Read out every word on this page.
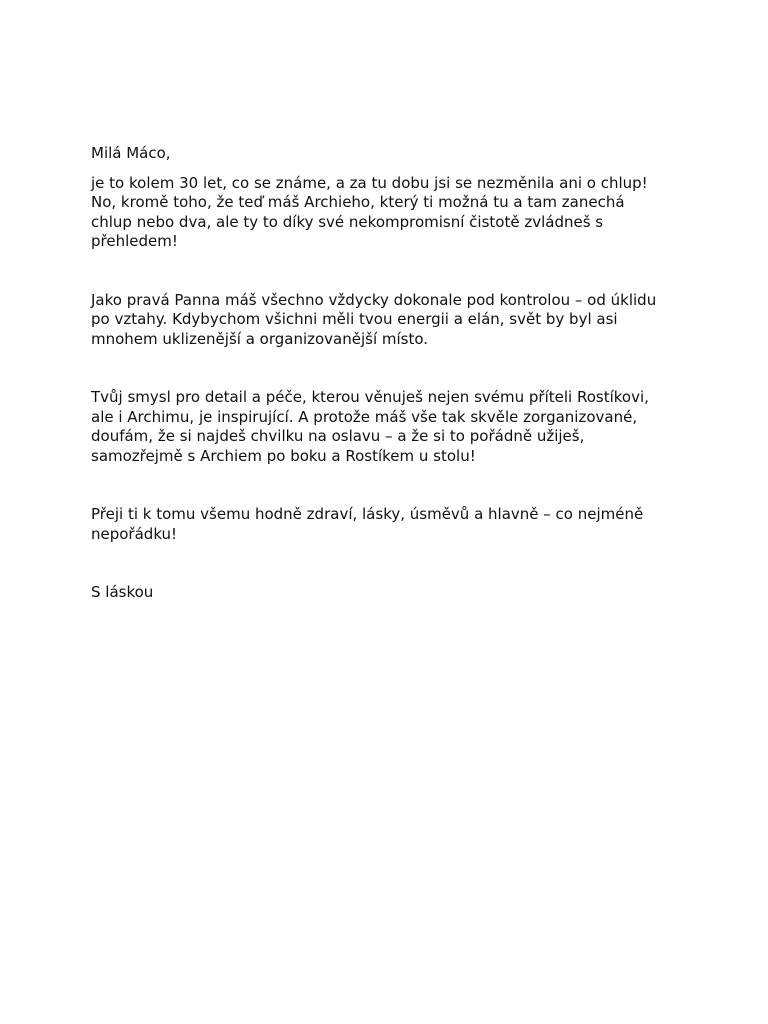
Milá Máco,

je to kolem 30 let, co se známe, a za tu dobu jsi se nezměnila ani o chlup!
No, kromě toho, že teď máš Archieho, který ti možná tu a tam zanechá
chlup nebo dva, ale ty to díky své nekompromisní čistotě zvládneš s
přehledem!

Jako pravá Panna máš všechno vždycky dokonale pod kontrolou – od úklidu
po vztahy. Kdybychom všichni měli tvou energii a elán, svět by byl asi
mnohem uklizenější a organizovanější místo.

Tvůj smysl pro detail a péče, kterou věnuješ nejen svému příteli Rostíkovi,
ale i Archimu, je inspirující. A protože máš vše tak skvěle zorganizované,
doufám, že si najdeš chvilku na oslavu – a že si to pořádně užiješ,
samozřejmě s Archiem po boku a Rostíkem u stolu!

Přeji ti k tomu všemu hodně zdraví, lásky, úsměvů a hlavně – co nejméně
nepořádku!

S láskou
